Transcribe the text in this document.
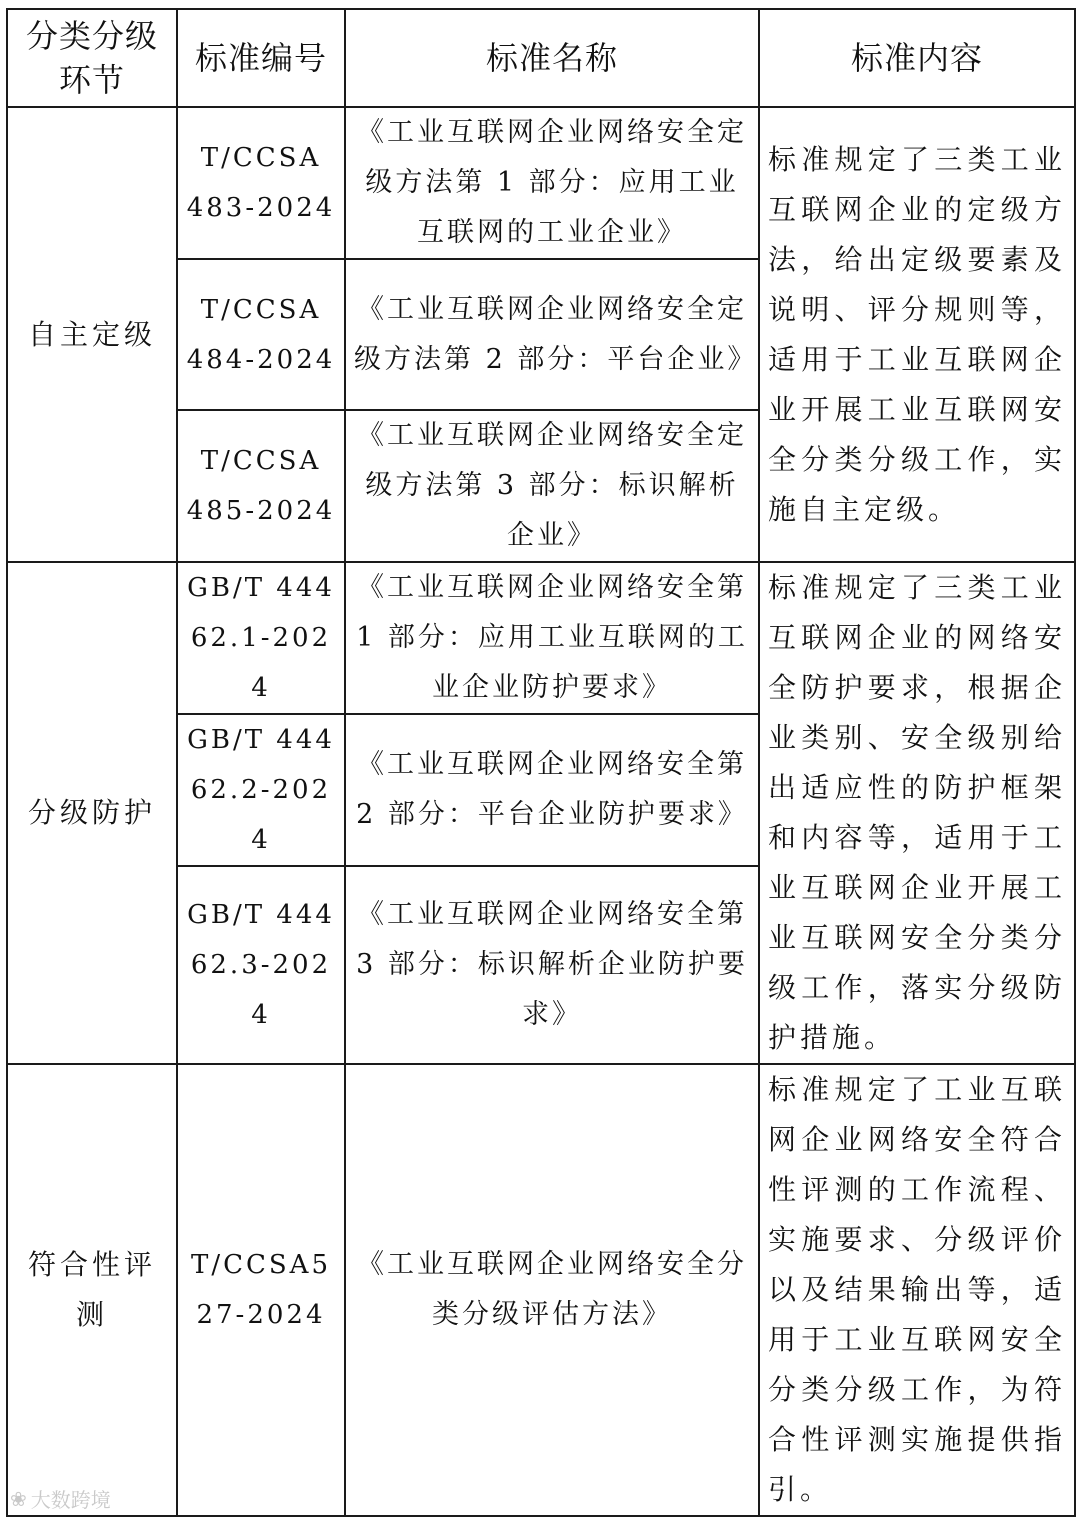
分类分级环节	标准编号	标准名称	标准内容
自主定级	T/CCSA 483-2024	《工业互联网企业网络安全定级方法第 1 部分：应用工业互联网的工业企业》	标准规定了三类工业互联网企业的定级方法，给出定级要素及说明、评分规则等，适用于工业互联网企业开展工业互联网安全分类分级工作，实施自主定级。
	T/CCSA 484-2024	《工业互联网企业网络安全定级方法第 2 部分：平台企业》	
	T/CCSA 485-2024	《工业互联网企业网络安全定级方法第 3 部分：标识解析企业》	
分级防护	GB/T 44462.1-2024	《工业互联网企业网络安全第 1 部分：应用工业互联网的工业企业防护要求》	标准规定了三类工业互联网企业的网络安全防护要求，根据企业类别、安全级别给出适应性的防护框架和内容等，适用于工业互联网企业开展工业互联网安全分类分级工作，落实分级防护措施。
	GB/T 44462.2-2024	《工业互联网企业网络安全第 2 部分：平台企业防护要求》	
	GB/T 44462.3-2024	《工业互联网企业网络安全第 3 部分：标识解析企业防护要求》	
符合性评测	T/CCSA527-2024	《工业互联网企业网络安全分类分级评估方法》	标准规定了工业互联网企业网络安全符合性评测的工作流程、实施要求、分级评价以及结果输出等，适用于工业互联网安全分类分级工作，为符合性评测实施提供指引。
❀ 大数跨境
